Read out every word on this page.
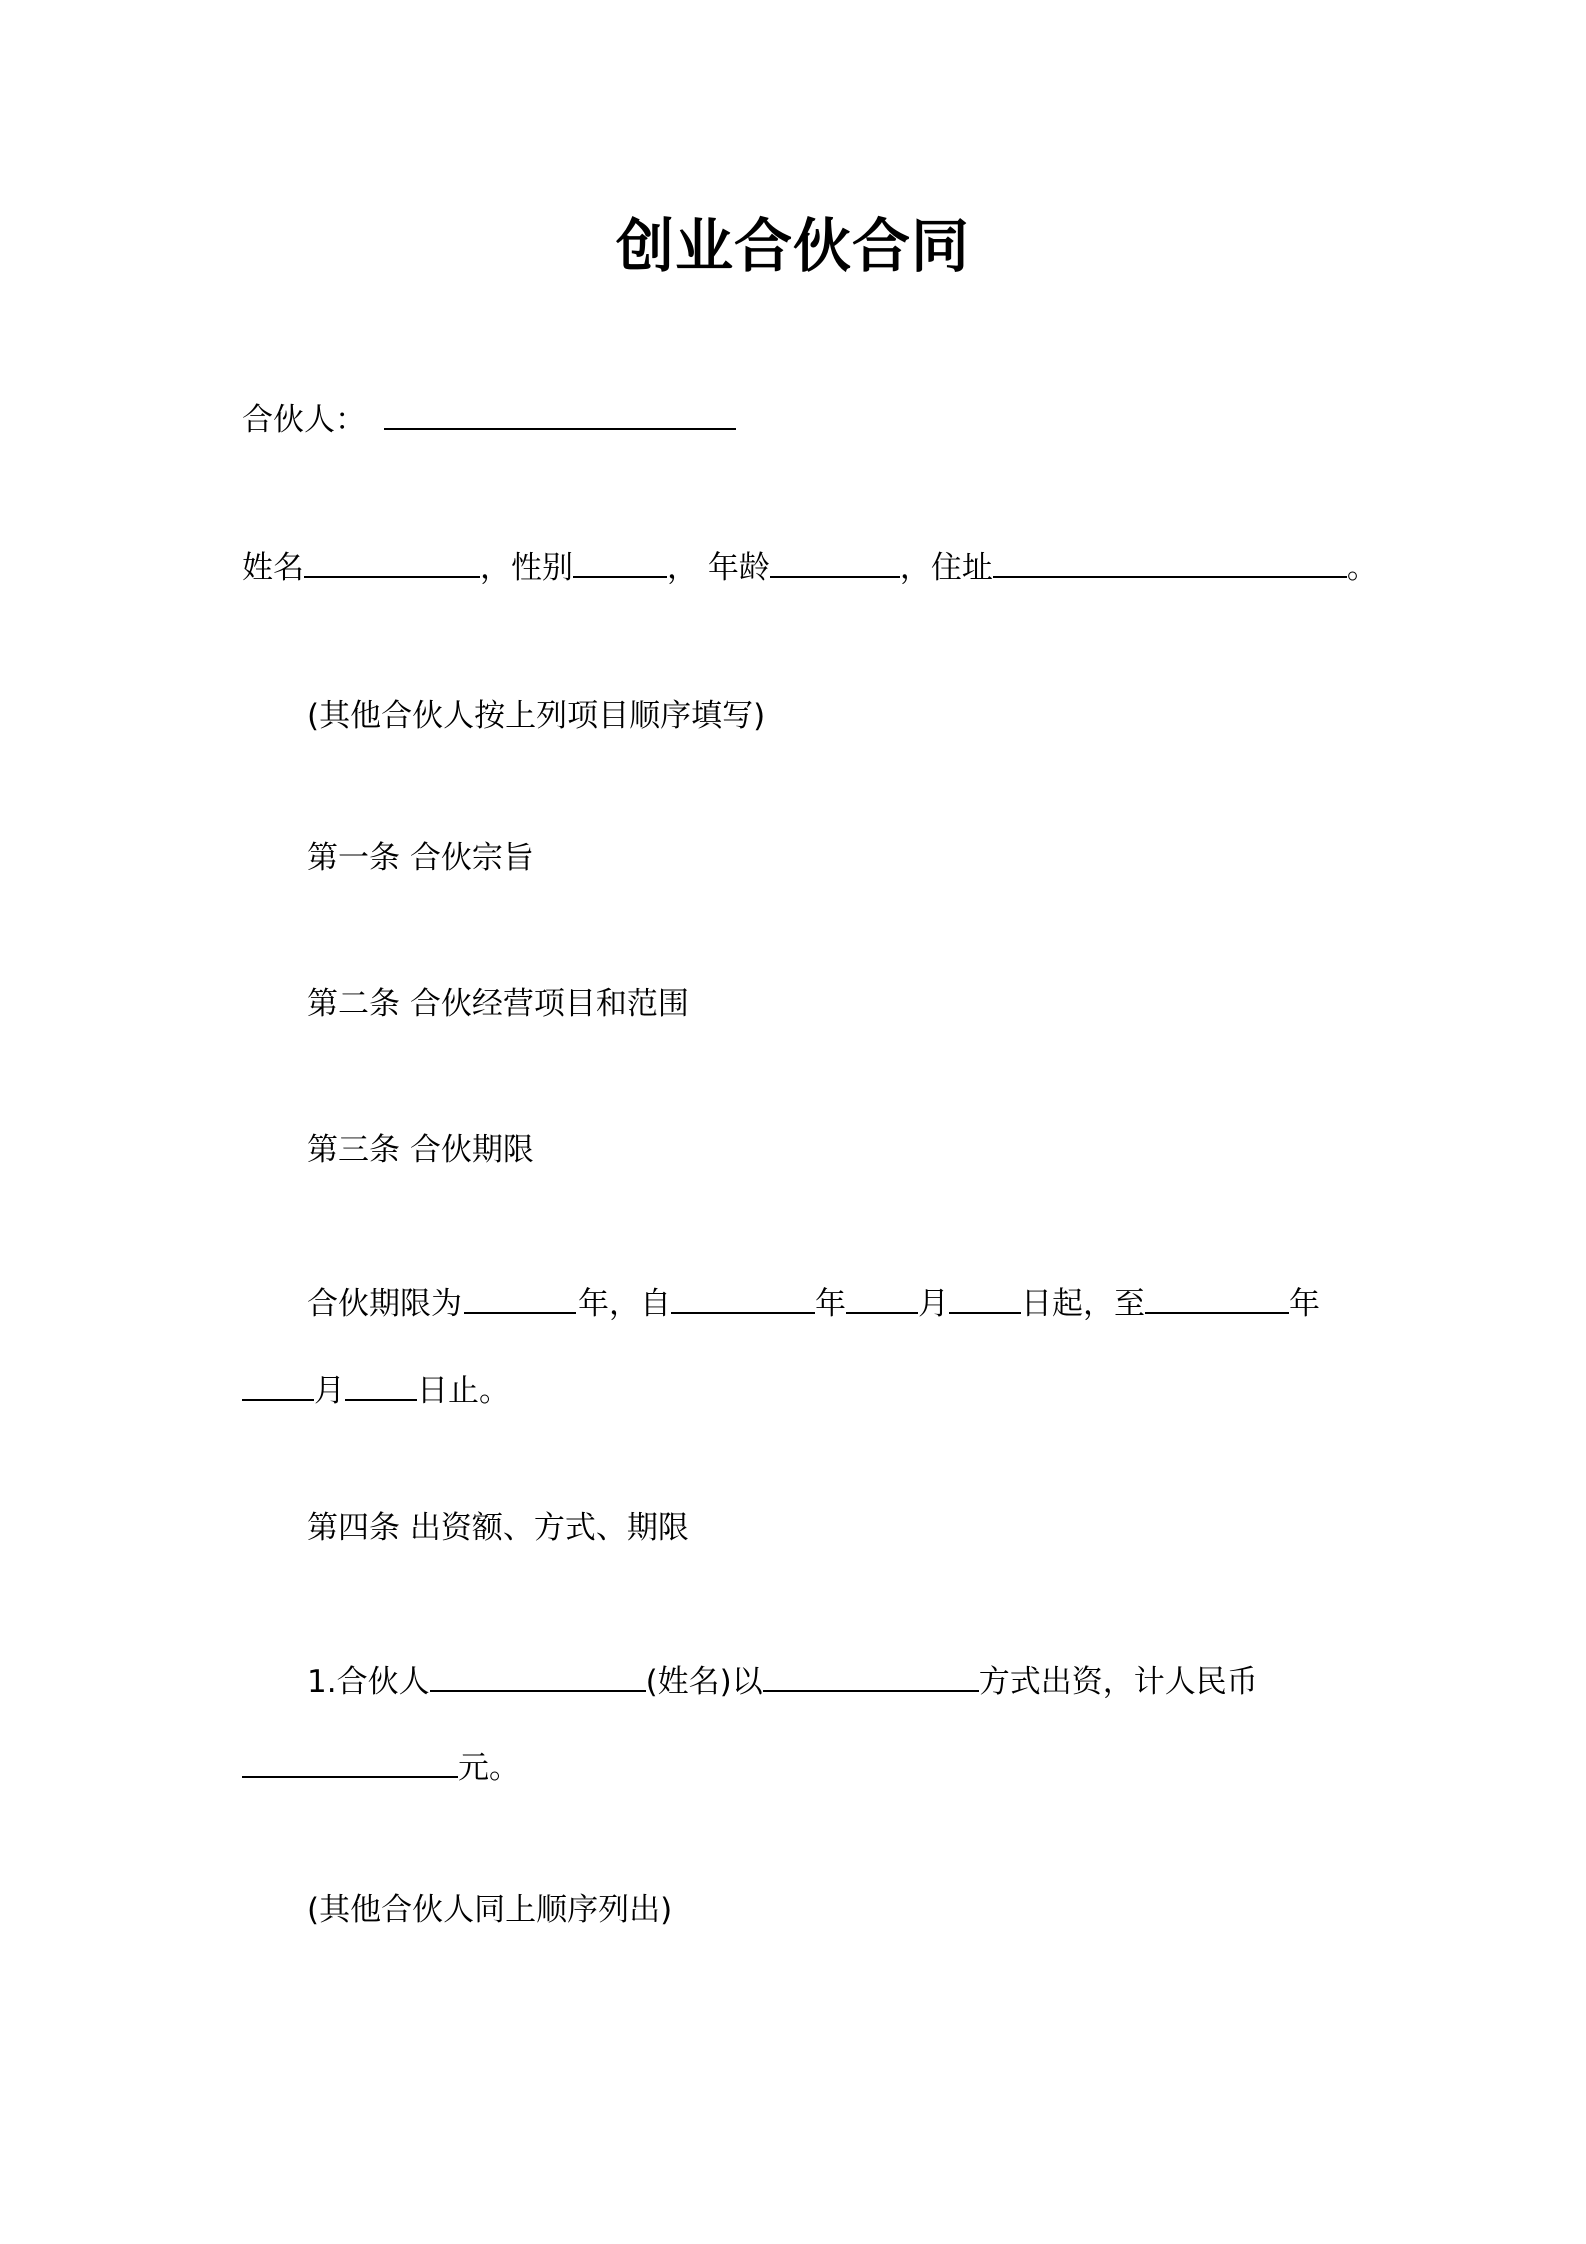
创业合伙合同
合伙人：
姓名	，性别	， 年龄	，住址	。
(其他合伙人按上列项目顺序填写)
第一条 合伙宗旨
第二条 合伙经营项目和范围
第三条 合伙期限
合伙期限为	年，自	年 月 日起，至	年
月 日止。
第四条 出资额、方式、期限
1.合伙人	(姓名)以	方式出资，计人民币
元。
(其他合伙人同上顺序列出)
